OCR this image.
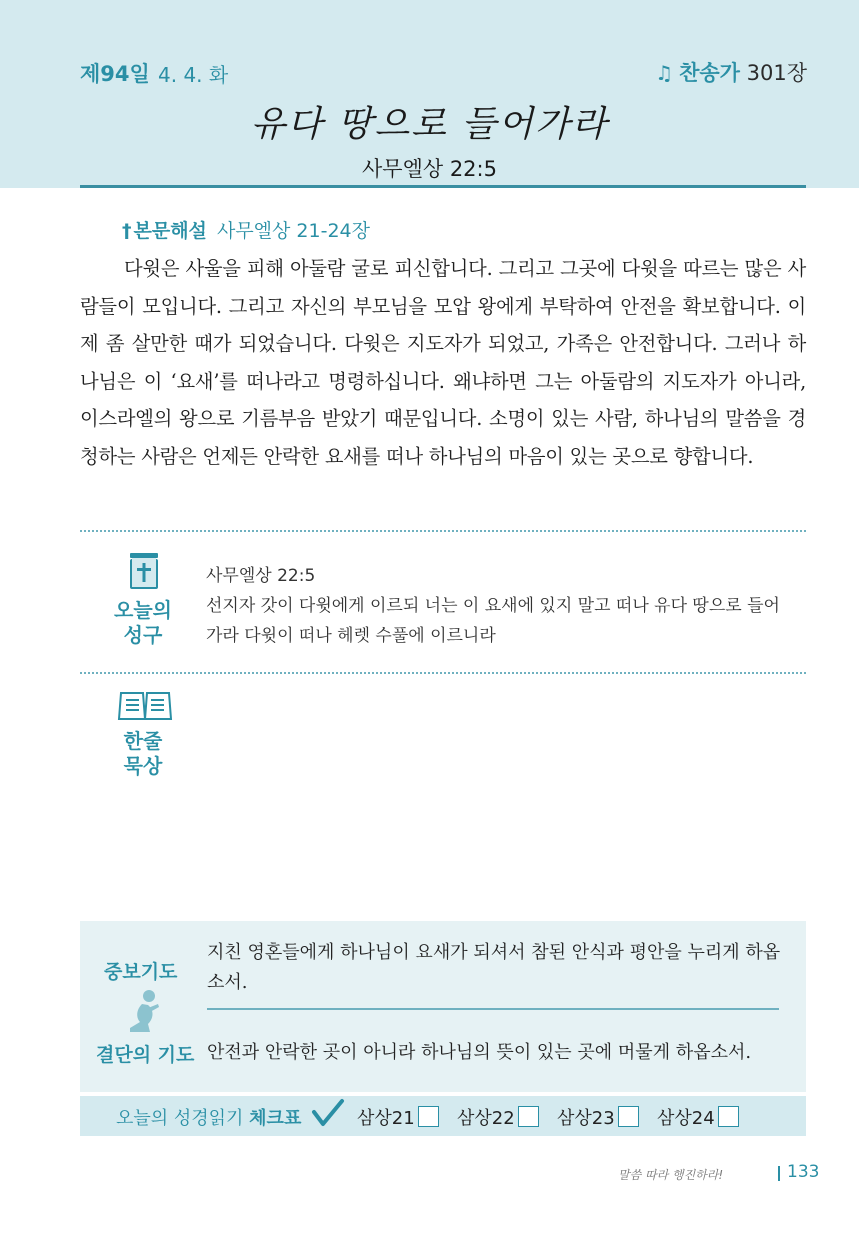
제94일 4. 4. 화	♫ 찬송가 301장
유다 땅으로 들어가라
사무엘상 22:5
† 본문해설 사무엘상 21-24장
다윗은 사울을 피해 아둘람 굴로 피신합니다. 그리고 그곳에 다윗을 따르는 많은 사람들이 모입니다. 그리고 자신의 부모님을 모압 왕에게 부탁하여 안전을 확보합니다. 이제 좀 살만한 때가 되었습니다. 다윗은 지도자가 되었고, 가족은 안전합니다. 그러나 하나님은 이 ‘요새’를 떠나라고 명령하십니다. 왜냐하면 그는 아둘람의 지도자가 아니라, 이스라엘의 왕으로 기름부음 받았기 때문입니다. 소명이 있는 사람, 하나님의 말씀을 경청하는 사람은 언제든 안락한 요새를 떠나 하나님의 마음이 있는 곳으로 향합니다.
오늘의
성구
사무엘상 22:5
선지자 갓이 다윗에게 이르되 너는 이 요새에 있지 말고 떠나 유다 땅으로 들어가라 다윗이 떠나 헤렛 수풀에 이르니라
한줄
묵상
중보기도
지친 영혼들에게 하나님이 요새가 되셔서 참된 안식과 평안을 누리게 하옵소서.
결단의 기도 안전과 안락한 곳이 아니라 하나님의 뜻이 있는 곳에 머물게 하옵소서.
오늘의 성경읽기 체크표	삼상21	삼상22	삼상23	삼상24
말씀 따라 행진하라!	133
